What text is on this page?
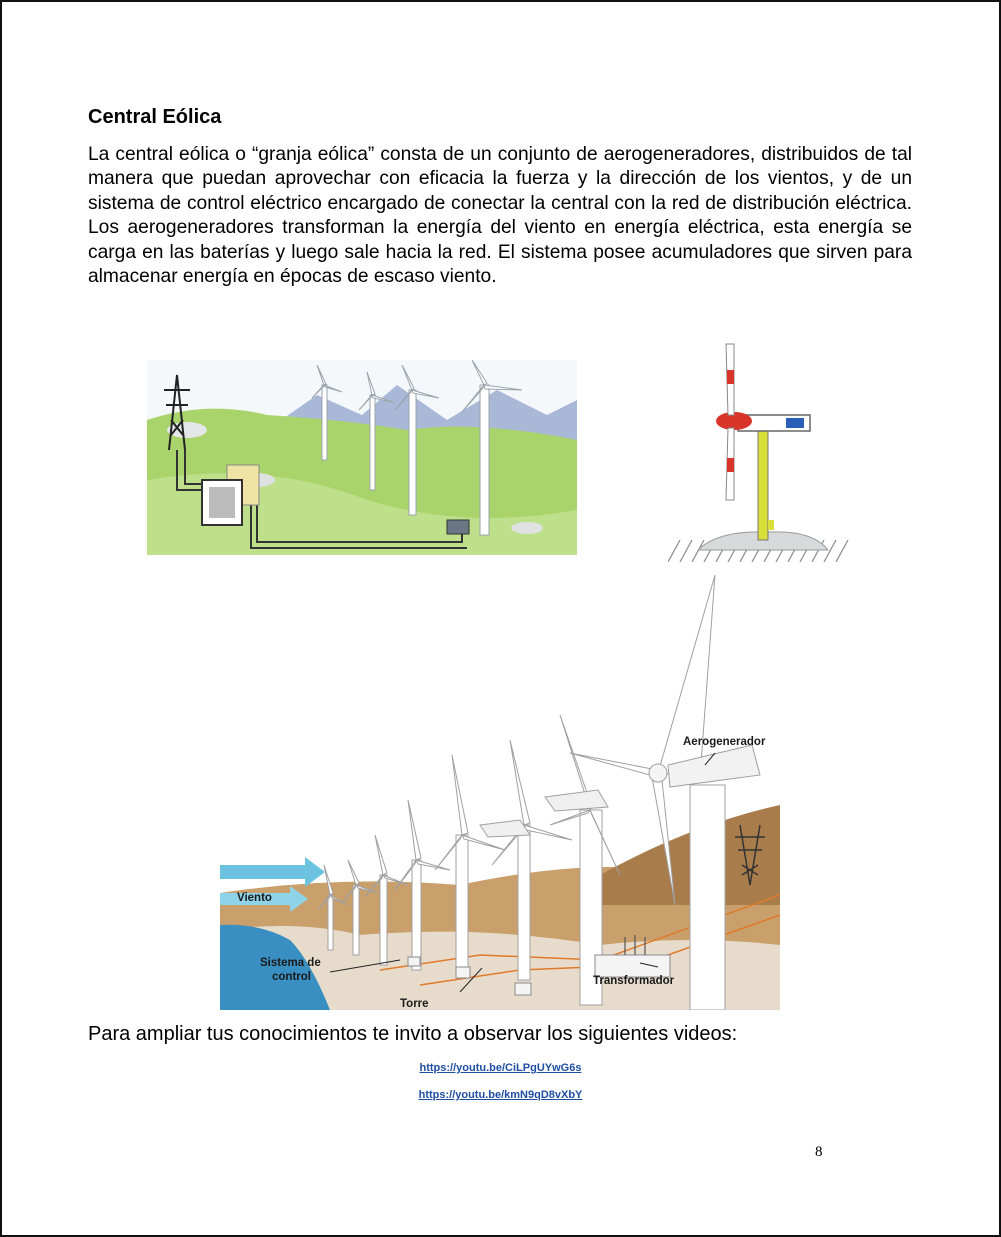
Central Eólica

La central eólica o “granja eólica” consta de un conjunto de aerogeneradores, distribuidos de tal manera que puedan aprovechar con eficacia la fuerza y la dirección de los vientos, y de un sistema de control eléctrico encargado de conectar la central con la red de distribución eléctrica. Los aerogeneradores transforman la energía del viento en energía eléctrica, esta energía se carga en las baterías y luego sale hacia la red. El sistema posee acumuladores que sirven para almacenar energía en épocas de escaso viento.

Aerogenerador
Viento
Sistema de
control	Transformador
Torre

Para ampliar tus conocimientos te invito a observar los siguientes videos:

https://youtu.be/CiLPgUYwG6s
https://youtu.be/kmN9qD8vXbY
8
